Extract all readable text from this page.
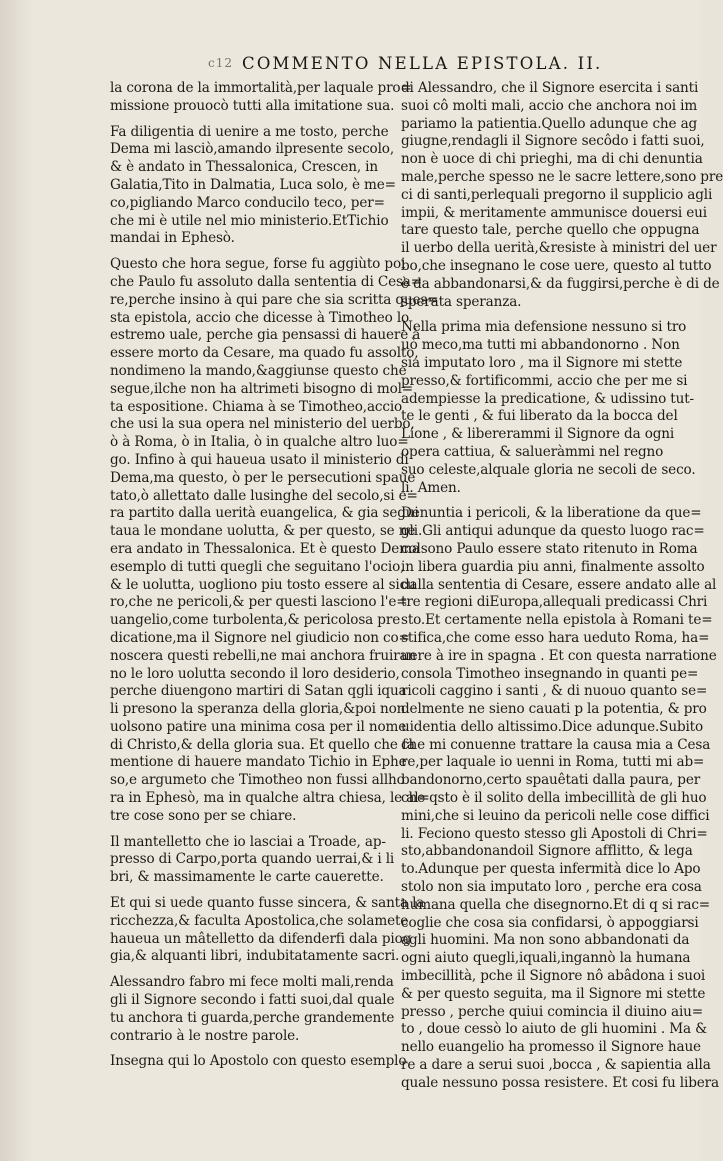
c12 COMMENTO NELLA EPISTOLA. II.
la corona de la immortalità,per laquale pro=
missione prouocò tutti alla imitatione sua.
Fa diligentia di uenire a me tosto, perche
Dema mi lasciò,amando ilpresente secolo,
& è andato in Thessalonica, Crescen, in
Galatia,Tito in Dalmatia, Luca solo, è me=
co,pigliando Marco conducilo teco, per=
che mi è utile nel mio ministerio.EtTichio
mandai in Ephesò.
Questo che hora segue, forse fu aggiùto poi
che Paulo fu assoluto dalla sententia di Cesa=
re,perche insino à qui pare che sia scritta ques=
sta epistola, accio che dicesse à Timotheo lo
estremo uale, perche gia pensassi di hauere à
essere morto da Cesare, ma quado fu assolto,
nondimeno la mando,&aggiunse questo che
segue,ilche non ha altrimeti bisogno di mol=
ta espositione. Chiama à se Timotheo,accio
che usi la sua opera nel ministerio del uerbo,
ò à Roma, ò in Italia, ò in qualche altro luo=
go. Infino à qui haueua usato il ministerio di
Dema,ma questo, ò per le persecutioni spaue
tato,ò allettato dalle lusinghe del secolo,si e=
ra partito dalla uerità euangelica, & gia segui
taua le mondane uolutta, & per questo, se ne
era andato in Thessalonica. Et è questo Dema
esemplo di tutti quegli che seguitano l'ocio,
& le uolutta, uogliono piu tosto essere al sicu
ro,che ne pericoli,& per questi lasciono l'e=
uangelio,come turbolenta,& pericolosa pre
dicatione,ma il Signore nel giudicio non co=
noscera questi rebelli,ne mai anchora fruiran
no le loro uolutta secondo il loro desiderio,
perche diuengono martiri di Satan qgli iqua
li presono la speranza della gloria,&poi non
uolsono patire una minima cosa per il nome
di Christo,& della gloria sua. Et quello che fa
mentione di hauere mandato Tichio in Ephe
so,e argumeto che Timotheo non fussi allho
ra in Ephesò, ma in qualche altra chiesa, le al=
tre cose sono per se chiare.
Il mantelletto che io lasciai a Troade, ap-
presso di Carpo,porta quando uerrai,& i li
bri, & massimamente le carte cauerette.
Et qui si uede quanto fusse sincera, & santa la
ricchezza,& faculta Apostolica,che solamete
haueua un mâtelletto da difenderfi dala piog
gia,& alquanti libri, indubitatamente sacri.
Alessandro fabro mi fece molti mali,renda
gli il Signore secondo i fatti suoi,dal quale
tu anchora ti guarda,perche grandemente
contrario à le nostre parole.
Insegna qui lo Apostolo con questo esemplo
di Alessandro, che il Signore esercita i santi
suoi cô molti mali, accio che anchora noi im
pariamo la patientia.Quello adunque che ag
giugne,rendagli il Signore secôdo i fatti suoi,
non è uoce di chi prieghi, ma di chi denuntia
male,perche spesso ne le sacre lettere,sono pre
ci di santi,perlequali pregorno il supplicio agli
impii, & meritamente ammunisce douersi eui
tare questo tale, perche quello che oppugna
il uerbo della uerità,&resiste à ministri del uer
bo,che insegnano le cose uere, questo al tutto
è da abbandonarsi,& da fuggirsi,perche è di de
sperata speranza.
Nella prima mia defensione nessuno si tro
uò meco,ma tutti mi abbandonorno . Non
sia imputato loro , ma il Signore mi stette
presso,& fortificommi, accio che per me si
adempiesse la predicatione, & udissino tut-
te le genti , & fui liberato da la bocca del
Lione , & libererammi il Signore da ogni
opera cattiua, & salueràmmi nel regno
suo celeste,alquale gloria ne secoli de seco.
li. Amen.
Denuntia i pericoli, & la liberatione da que=
gli.Gli antiqui adunque da questo luogo rac=
colsono Paulo essere stato ritenuto in Roma
in libera guardia piu anni, finalmente assolto
dalla sententia di Cesare, essere andato alle al
tre regioni diEuropa,allequali predicassi Chri
sto.Et certamente nella epistola à Romani te=
stifica,che come esso hara ueduto Roma, ha=
uere à ire in spagna . Et con questa narratione
consola Timotheo insegnando in quanti pe=
ricoli caggino i santi , & di nuouo quanto se=
delmente ne sieno cauati p la potentia, & pro
uidentia dello altissimo.Dice adunque.Subito
che mi conuenne trattare la causa mia a Cesa
re,per laquale io uenni in Roma, tutti mi ab=
bandonorno,certo spauêtati dalla paura, per
che qsto è il solito della imbecillità de gli huo
mini,che si leuino da pericoli nelle cose diffici
li. Feciono questo stesso gli Apostoli di Chri=
sto,abbandonandoil Signore afflitto, & lega
to.Adunque per questa infermità dice lo Apo
stolo non sia imputato loro , perche era cosa
humana quella che disegnorno.Et di q si rac=
coglie che cosa sia confidarsi, ò appoggiarsi
agli huomini. Ma non sono abbandonati da
ogni aiuto quegli,iquali,ingannò la humana
imbecillità, pche il Signore nô abâdona i suoi
& per questo seguita, ma il Signore mi stette
presso , perche quiui comincia il diuino aiu=
to , doue cessò lo aiuto de gli huomini . Ma &
nello euangelio ha promesso il Signore haue
re a dare a serui suoi ,bocca , & sapientia alla
quale nessuno possa resistere. Et cosi fu libera
